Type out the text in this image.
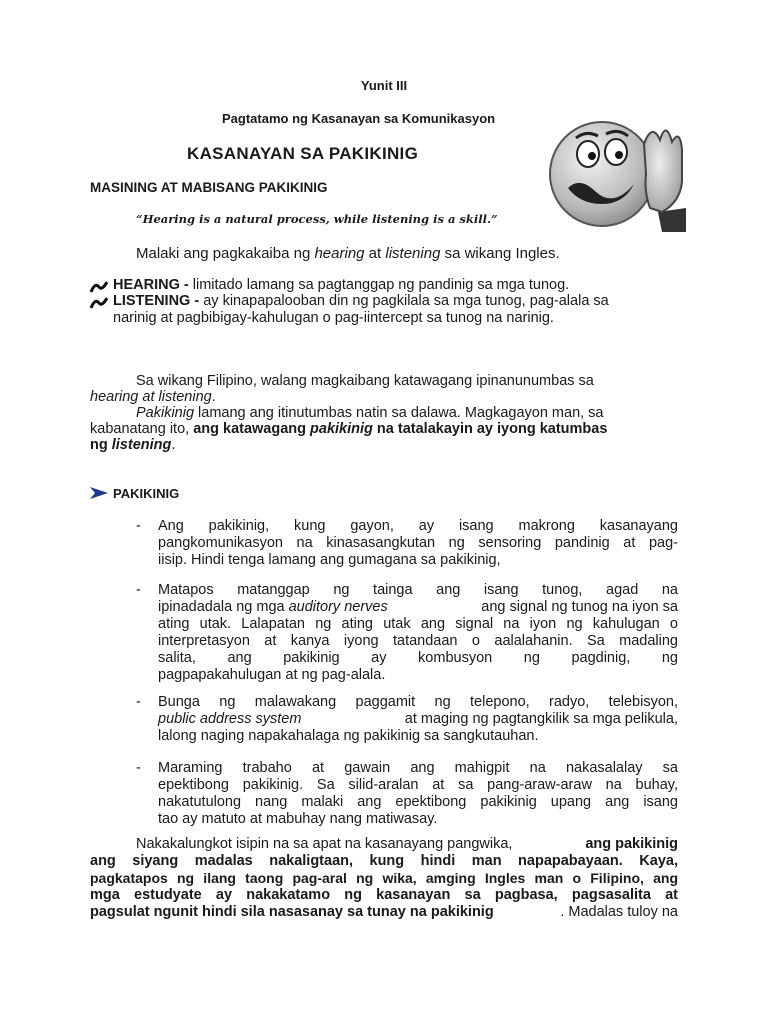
Yunit III
Pagtatamo ng Kasanayan sa Komunikasyon
KASANAYAN SA PAKIKINIG
MASINING AT MABISANG PAKIKINIG
“Hearing is a natural process, while listening is a skill.”
Malaki ang pagkakaiba ng hearing at listening sa wikang Ingles.
HEARING - limitado lamang sa pagtanggap ng pandinig sa mga tunog.
LISTENING - ay kinapapalooban din ng pagkilala sa mga tunog, pag-alala sa
narinig at pagbibigay-kahulugan o pag-iintercept sa tunog na narinig.
Sa wikang Filipino, walang magkaibang katawagang ipinanunumbas sa
hearing at listening.
Pakikinig lamang ang itinutumbas natin sa dalawa. Magkagayon man, sa
kabanatang ito, ang katawagang pakikinig na tatalakayin ay iyong katumbas
ng listening.
PAKIKINIG
- Ang pakikinig, kung gayon, ay isang makrong kasanayang
pangkomunikasyon na kinasasangkutan ng sensoring pandinig at pag-
iisip. Hindi tenga lamang ang gumagana sa pakikinig,
- Matapos matanggap ng tainga ang isang tunog, agad na
ipinadadala ng mga auditory nerves	ang signal ng tunog na iyon sa
ating utak. Lalapatan ng ating utak ang signal na iyon ng kahulugan o
interpretasyon at kanya iyong tatandaan o aalalahanin. Sa madaling
salita, ang pakikinig ay kombusyon ng pagdinig, ng
pagpapakahulugan at ng pag-alala.
- Bunga ng malawakang paggamit ng telepono, radyo, telebisyon,
public address system	at maging ng pagtangkilik sa mga pelikula,
lalong naging napakahalaga ng pakikinig sa sangkutauhan.
- Maraming trabaho at gawain ang mahigpit na nakasalalay sa
epektibong pakikinig. Sa silid-aralan at sa pang-araw-araw na buhay,
nakatutulong nang malaki ang epektibong pakikinig upang ang isang
tao ay matuto at mabuhay nang matiwasay.
Nakakalungkot isipin na sa apat na kasanayang pangwika,	ang pakikinig
ang siyang madalas nakaligtaan, kung hindi man napapabayaan. Kaya,
pagkatapos ng ilang taong pag-aral ng wika, amging Ingles man o Filipino, ang
mga estudyate ay nakakatamo ng kasanayan sa pagbasa, pagsasalita at
pagsulat ngunit hindi sila nasasanay sa tunay na pakikinig	. Madalas tuloy na
